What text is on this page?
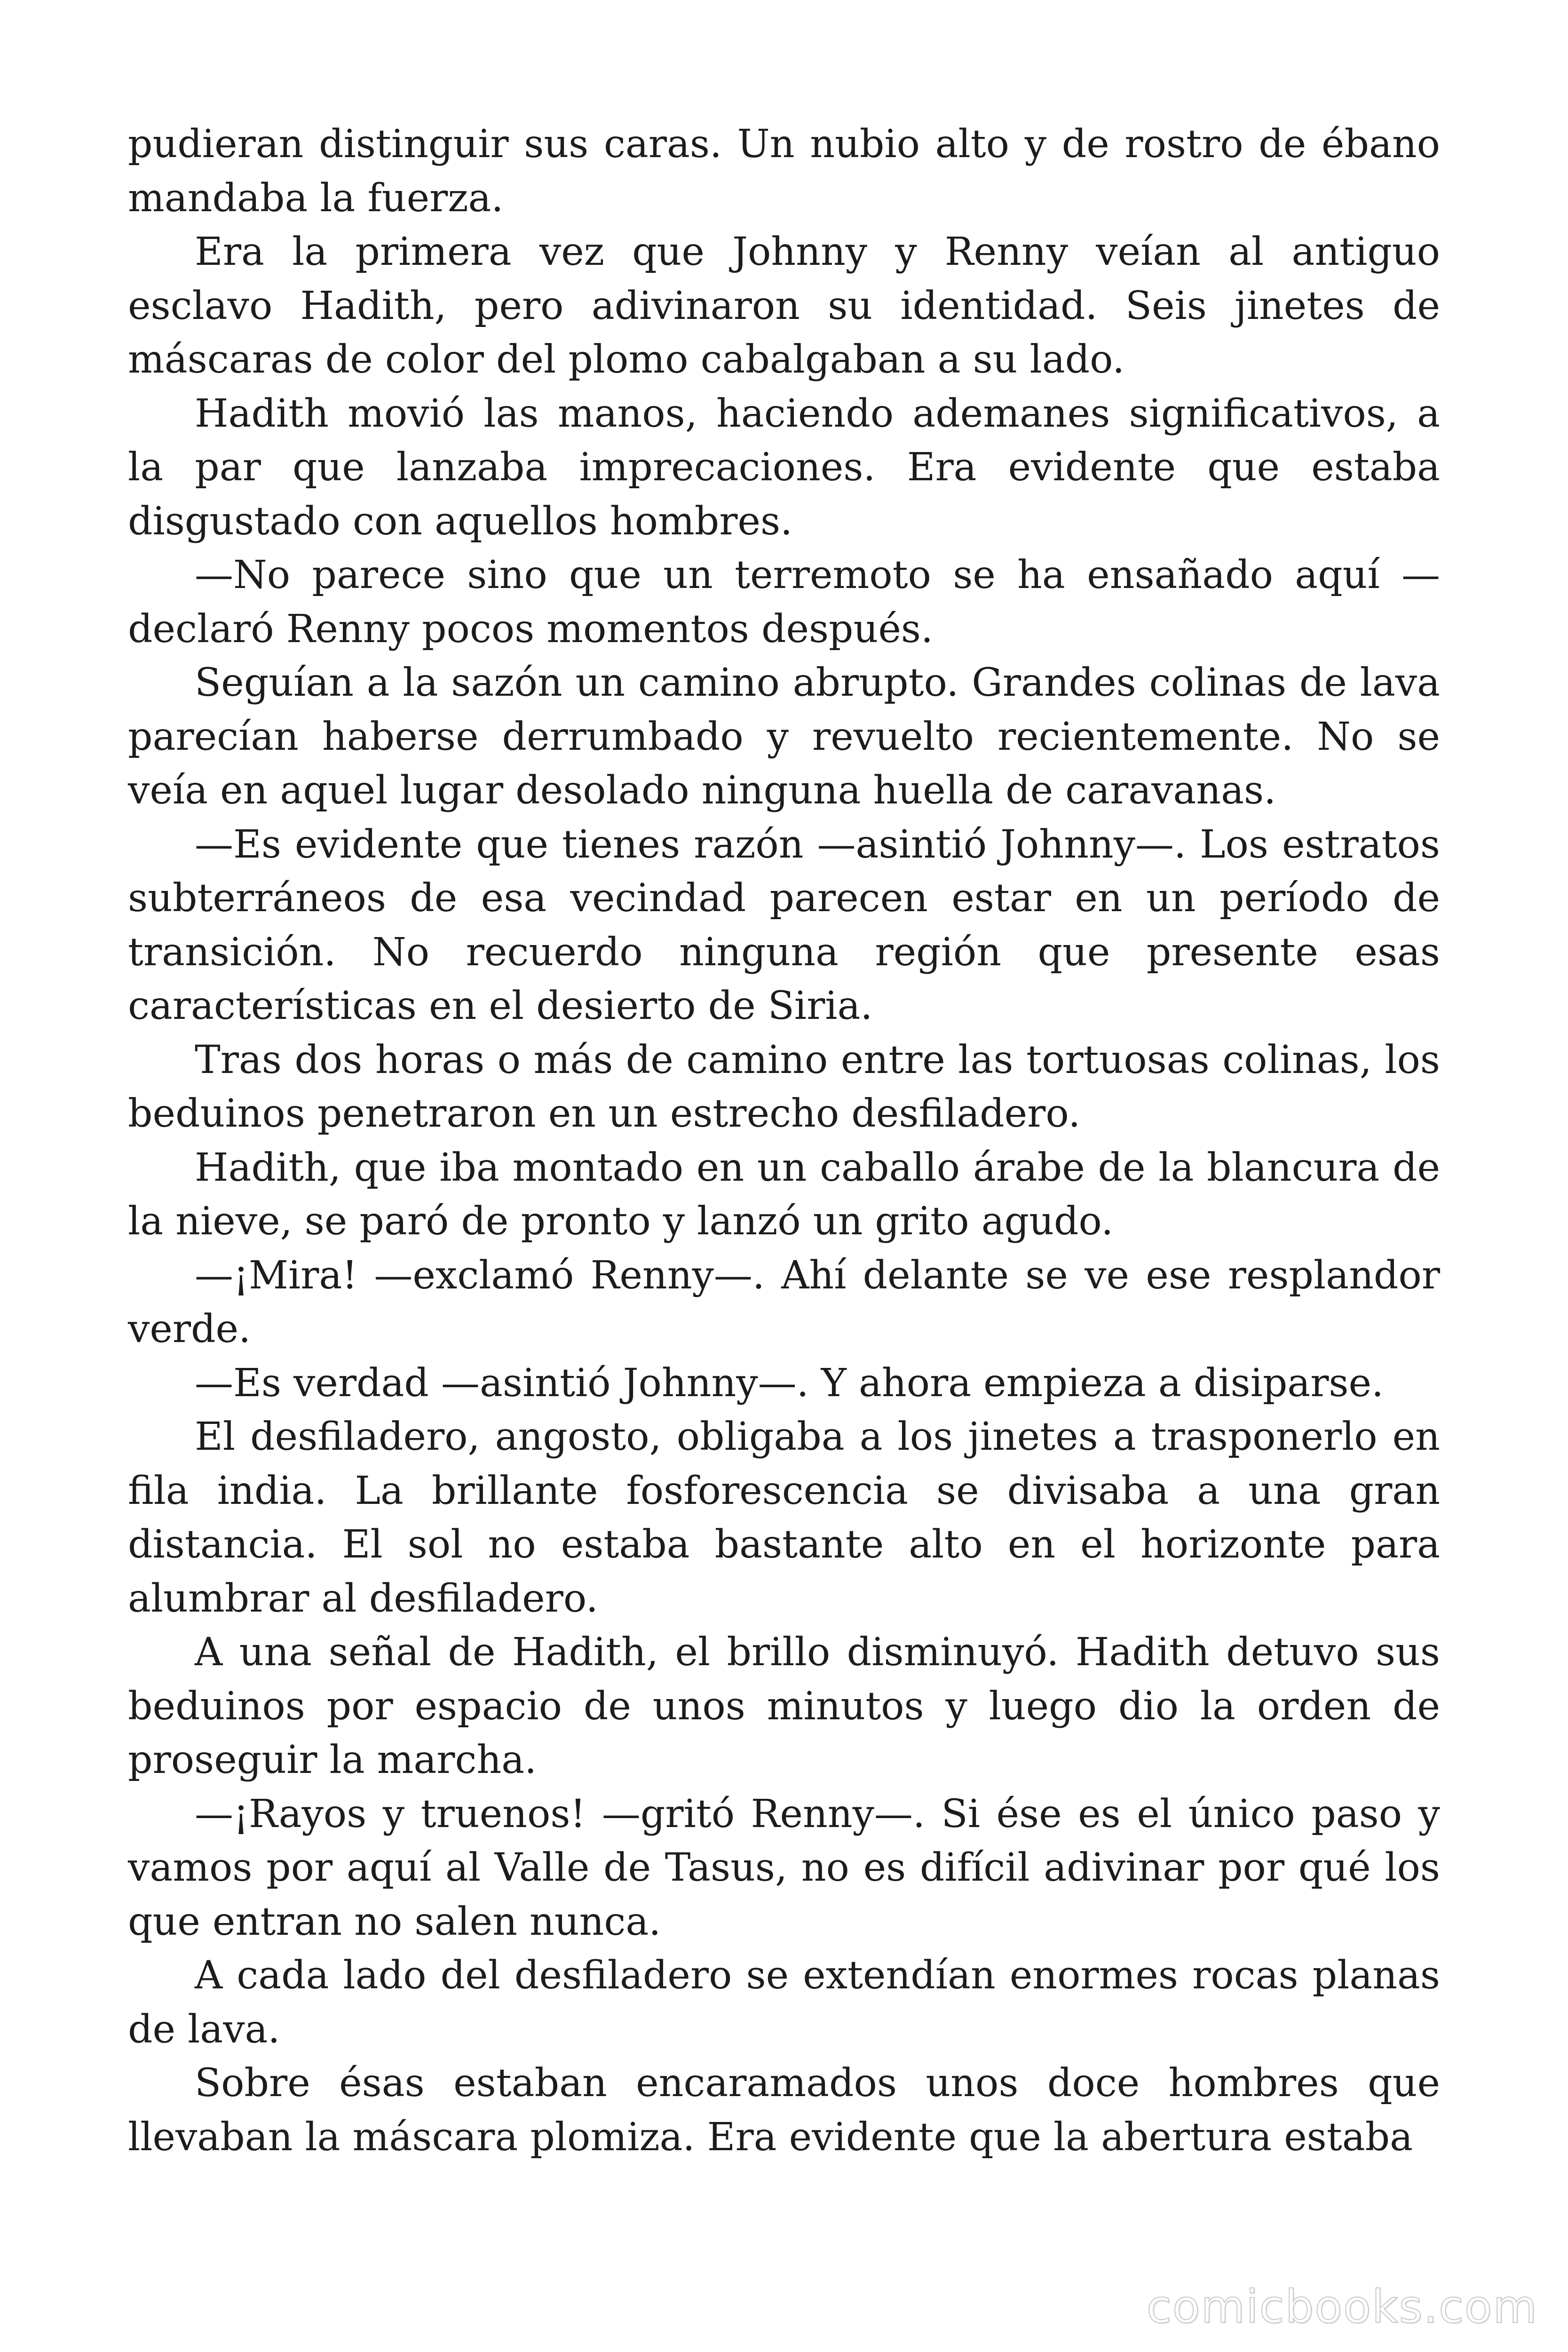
pudieran distinguir sus caras. Un nubio alto y de rostro de ébano mandaba la fuerza.

Era la primera vez que Johnny y Renny veían al antiguo esclavo Hadith, pero adivinaron su identidad. Seis jinetes de máscaras de color del plomo cabalgaban a su lado.

Hadith movió las manos, haciendo ademanes significativos, a la par que lanzaba imprecaciones. Era evidente que estaba disgustado con aquellos hombres.

—No parece sino que un terremoto se ha ensañado aquí —declaró Renny pocos momentos después.

Seguían a la sazón un camino abrupto. Grandes colinas de lava parecían haberse derrumbado y revuelto recientemente. No se veía en aquel lugar desolado ninguna huella de caravanas.

—Es evidente que tienes razón —asintió Johnny—. Los estratos subterráneos de esa vecindad parecen estar en un período de transición. No recuerdo ninguna región que presente esas características en el desierto de Siria.

Tras dos horas o más de camino entre las tortuosas colinas, los beduinos penetraron en un estrecho desfiladero.

Hadith, que iba montado en un caballo árabe de la blancura de la nieve, se paró de pronto y lanzó un grito agudo.

—¡Mira! —exclamó Renny—. Ahí delante se ve ese resplandor verde.

—Es verdad —asintió Johnny—. Y ahora empieza a disiparse.

El desfiladero, angosto, obligaba a los jinetes a trasponerlo en fila india. La brillante fosforescencia se divisaba a una gran distancia. El sol no estaba bastante alto en el horizonte para alumbrar al desfiladero.

A una señal de Hadith, el brillo disminuyó. Hadith detuvo sus beduinos por espacio de unos minutos y luego dio la orden de proseguir la marcha.

—¡Rayos y truenos! —gritó Renny—. Si ése es el único paso y vamos por aquí al Valle de Tasus, no es difícil adivinar por qué los que entran no salen nunca.

A cada lado del desfiladero se extendían enormes rocas planas de lava.

Sobre ésas estaban encaramados unos doce hombres que llevaban la máscara plomiza. Era evidente que la abertura estaba

comicbooks.com
